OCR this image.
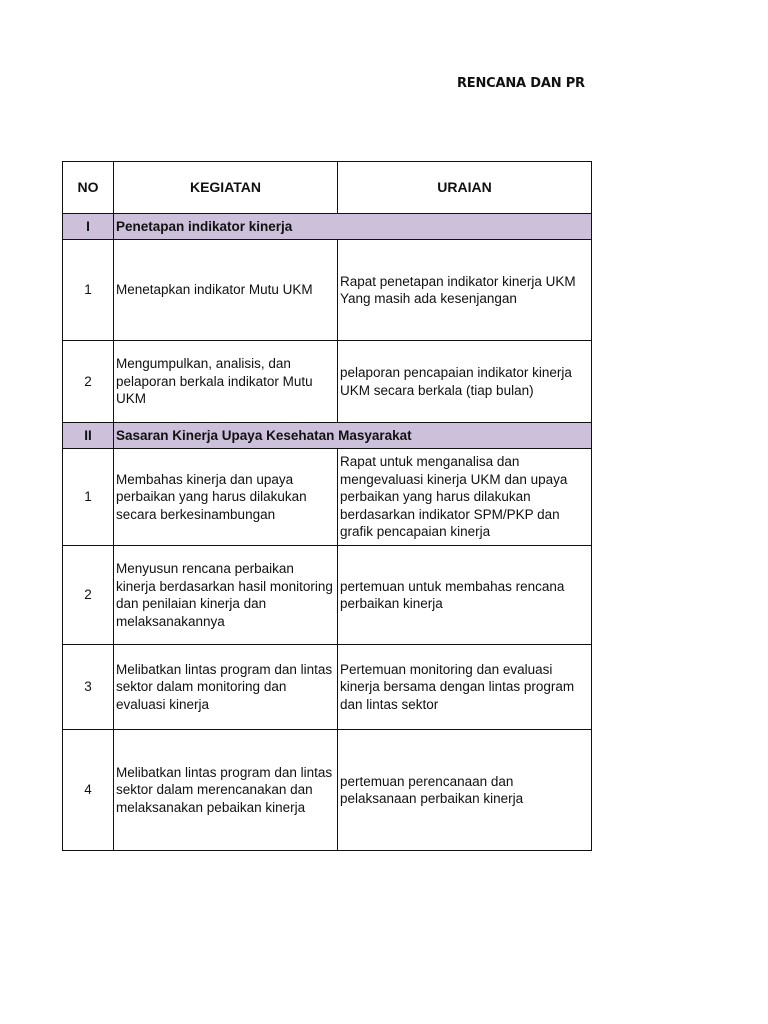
RENCANA DAN PR
NO	KEGIATAN	URAIAN
I	Penetapan indikator kinerja	
1	Menetapkan indikator Mutu UKM	Rapat penetapan indikator kinerja UKM Yang masih ada kesenjangan
2	Mengumpulkan, analisis, dan pelaporan berkala indikator Mutu UKM	pelaporan pencapaian indikator kinerja UKM secara berkala (tiap bulan)
II	Sasaran Kinerja Upaya Kesehatan Masyarakat	
1	Membahas kinerja dan upaya perbaikan yang harus dilakukan secara berkesinambungan	Rapat untuk menganalisa dan mengevaluasi kinerja UKM dan upaya perbaikan yang harus dilakukan berdasarkan indikator SPM/PKP dan grafik pencapaian kinerja

2	Menyusun rencana perbaikan kinerja berdasarkan hasil monitoring dan penilaian kinerja dan melaksanakannya	pertemuan untuk membahas rencana perbaikan kinerja
3	Melibatkan lintas program dan lintas sektor dalam monitoring dan evaluasi kinerja	Pertemuan monitoring dan evaluasi kinerja bersama dengan lintas program dan lintas sektor
4	Melibatkan lintas program dan lintas sektor dalam merencanakan dan melaksanakan pebaikan kinerja	pertemuan perencanaan dan pelaksanaan perbaikan kinerja
